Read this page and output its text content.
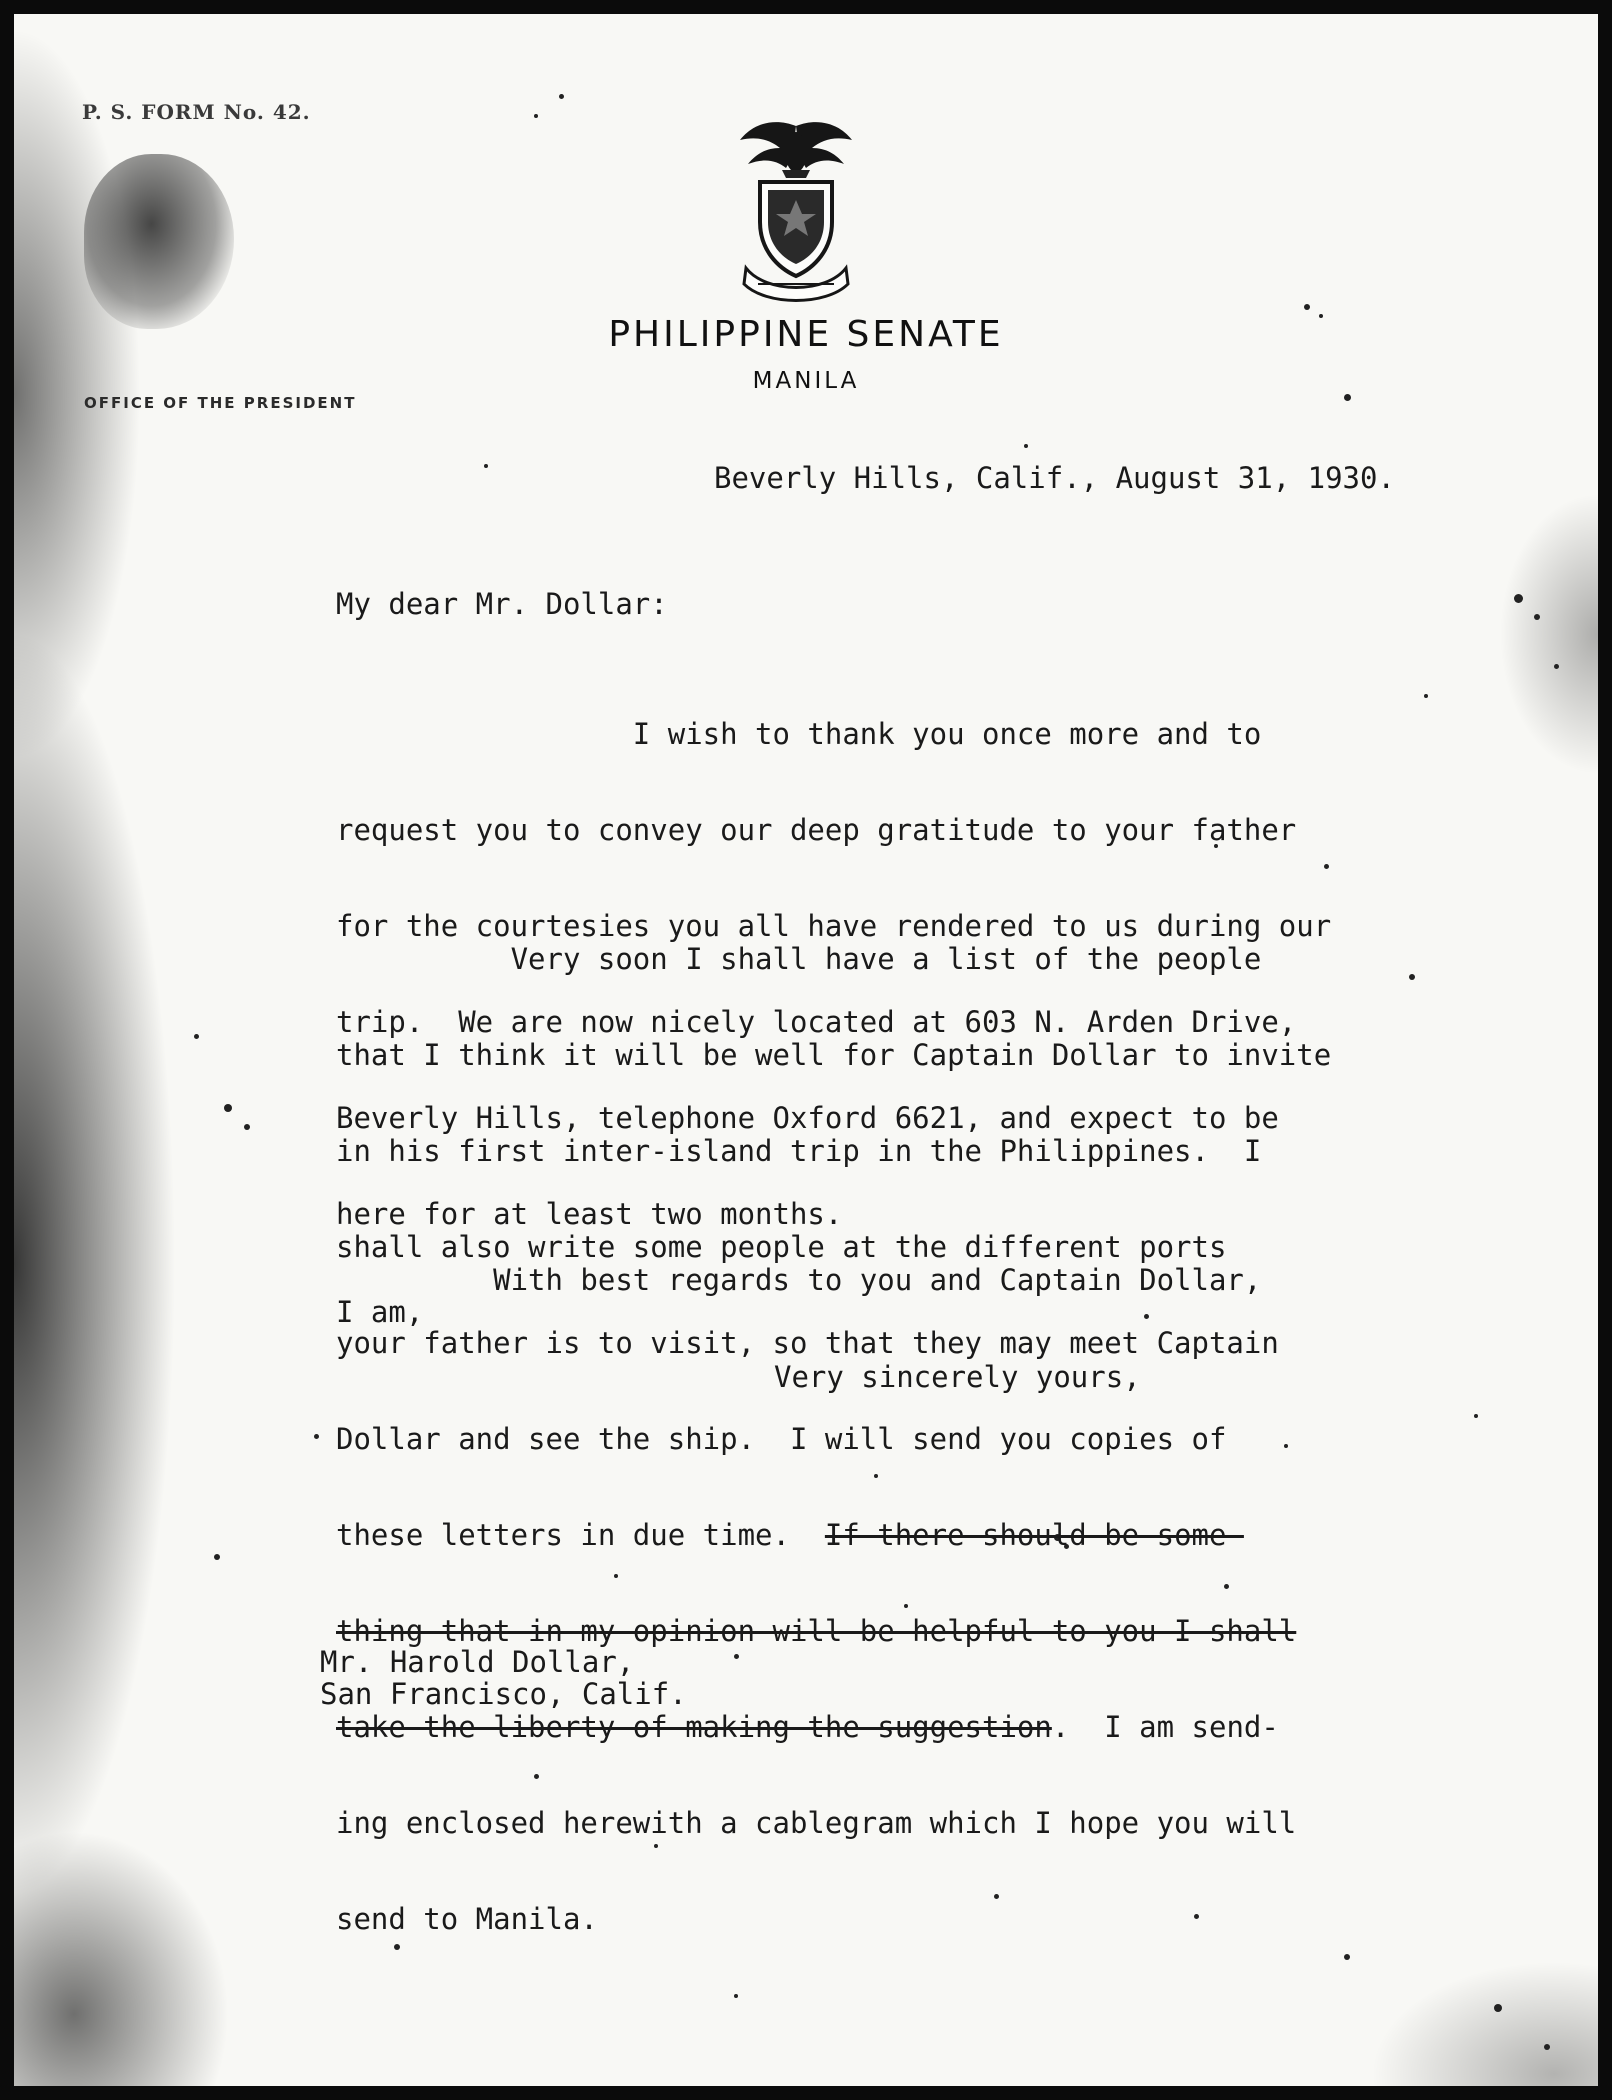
P. S. FORM No. 42.

OFFICE OF THE PRESIDENT

PHILIPPINE SENATE

MANILA

Beverly Hills, Calif., August 31, 1930.

My dear Mr. Dollar:

I wish to thank you once more and to

request you to convey our deep gratitude to your father

for the courtesies you all have rendered to us during our

trip.  We are now nicely located at 603 N. Arden Drive,

Beverly Hills, telephone Oxford 6621, and expect to be

here for at least two months.

Very soon I shall have a list of the people

that I think it will be well for Captain Dollar to invite

in his first inter-island trip in the Philippines.  I

shall also write some people at the different ports

your father is to visit, so that they may meet Captain

Dollar and see the ship.  I will send you copies of

these letters in due time.  If there should be some-

thing that in my opinion will be helpful to you I shall

take the liberty of making the suggestion.  I am send-

ing enclosed herewith a cablegram which I hope you will

send to Manila.

With best regards to you and Captain Dollar,

I am,

Very sincerely yours,

Mr. Harold Dollar,

San Francisco, Calif.
